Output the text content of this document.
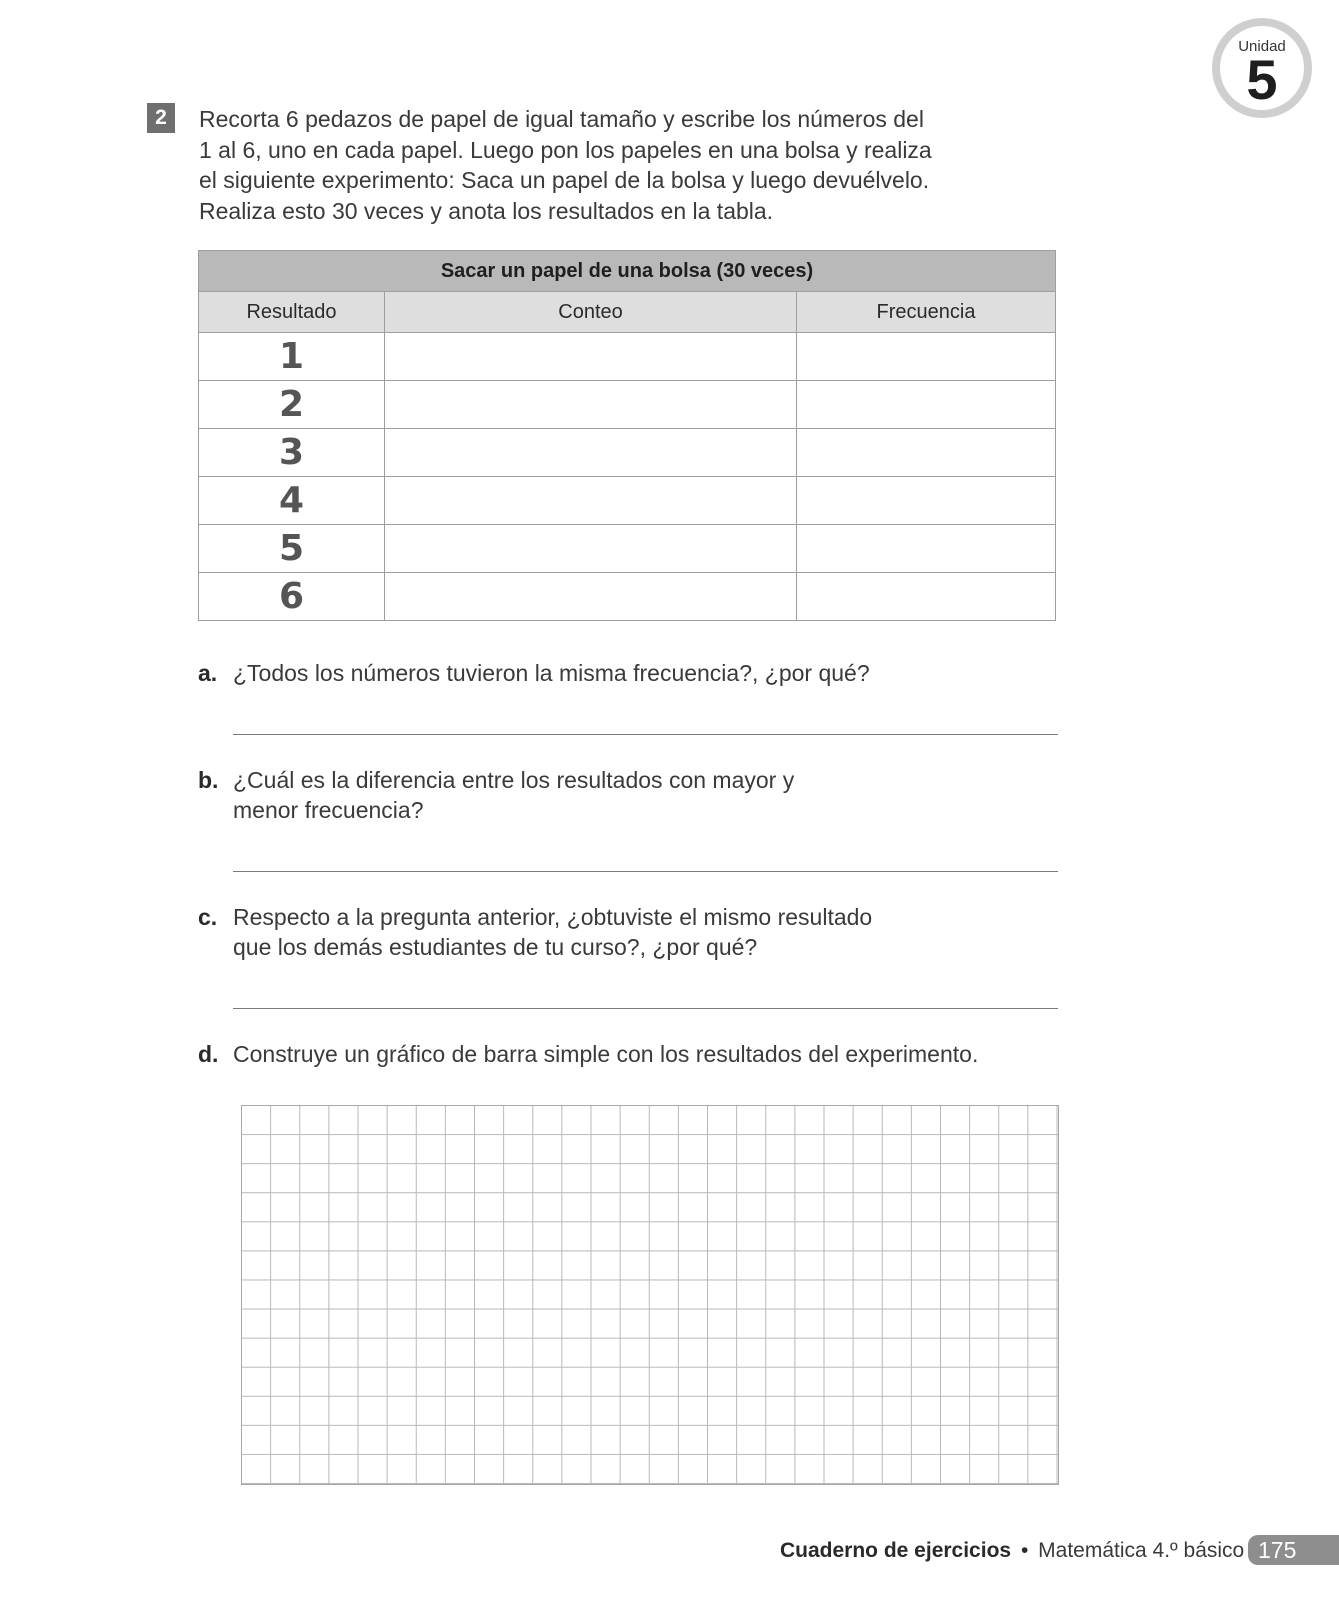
Unidad
5
2	Recorta 6 pedazos de papel de igual tamaño y escribe los números del
1 al 6, uno en cada papel. Luego pon los papeles en una bolsa y realiza
el siguiente experimento: Saca un papel de la bolsa y luego devuélvelo.
Realiza esto 30 veces y anota los resultados en la tabla.

Sacar un papel de una bolsa (30 veces)		
Resultado	Conteo	Frecuencia
1		
2		
3		
4		
5		
6		
a. ¿Todos los números tuvieron la misma frecuencia?, ¿por qué?
b. ¿Cuál es la diferencia entre los resultados con mayor y
menor frecuencia?
c. Respecto a la pregunta anterior, ¿obtuviste el mismo resultado
que los demás estudiantes de tu curso?, ¿por qué?
d. Construye un gráfico de barra simple con los resultados del experimento.
Cuaderno de ejercicios • Matemática 4.º básico 175
